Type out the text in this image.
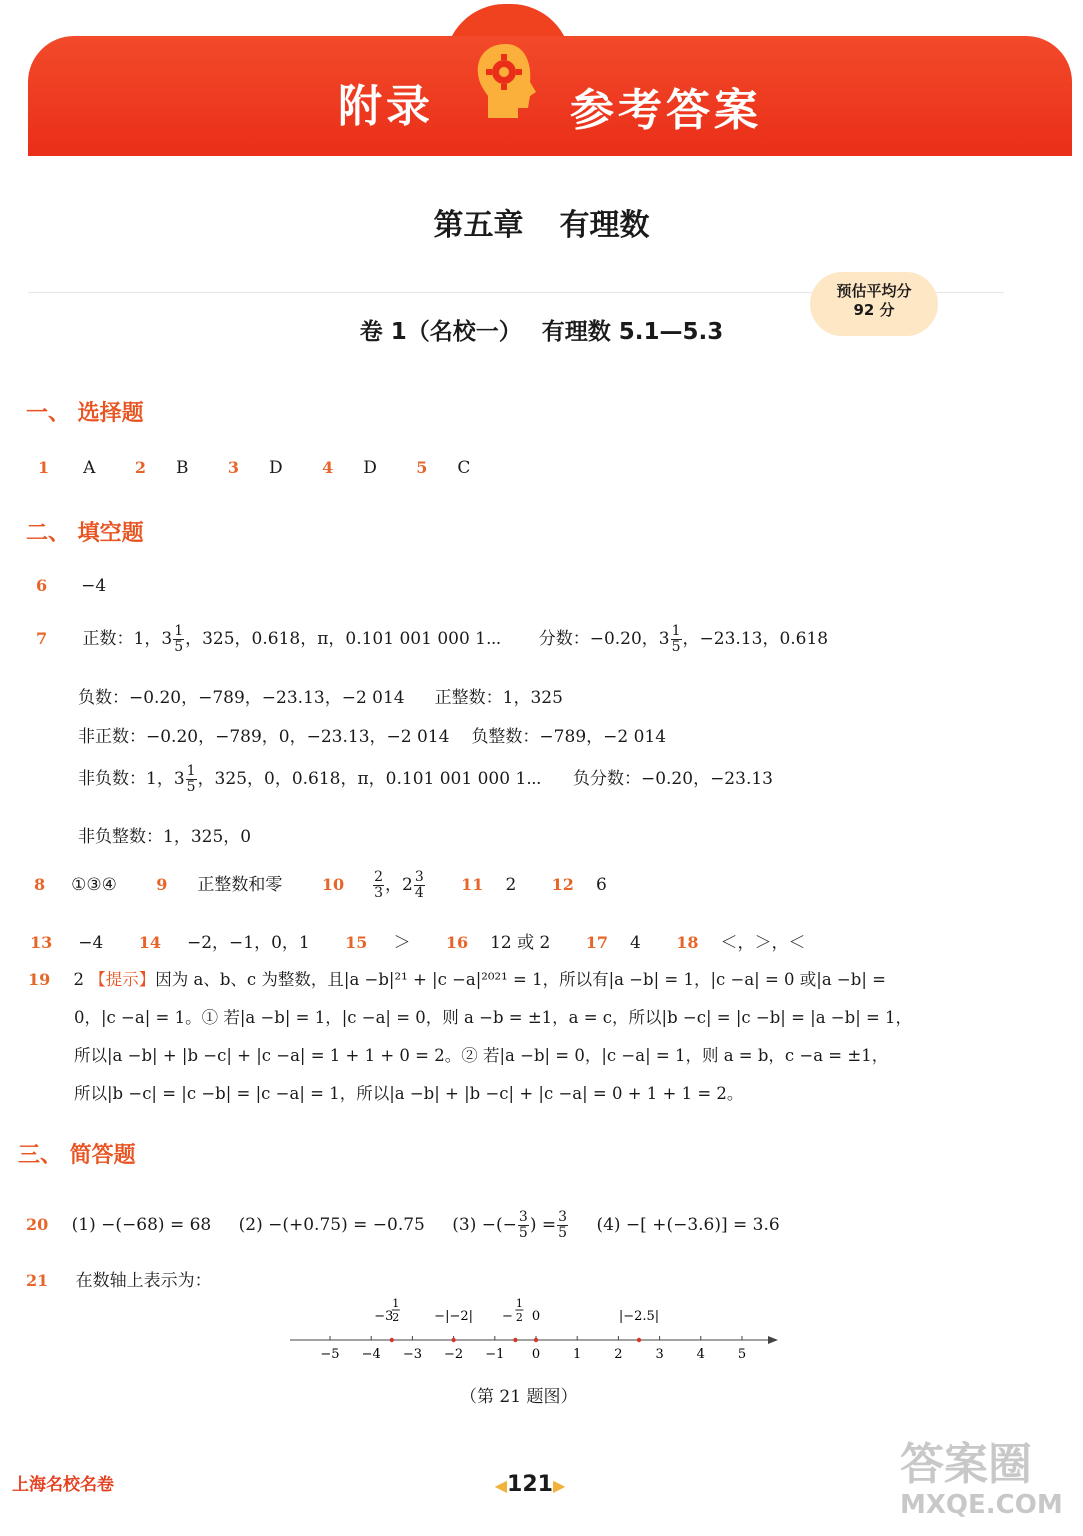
附录	参考答案
第五章 有理数
预估平均分
92 分
卷 1（名校一） 有理数 5.1—5.3
一、 选择题
1 A 2 B 3 D 4 D 5 C
二、 填空题
6 −4
7 正数：1，$3 \frac{1}{5}$ ，325，0.618，π，0.101 001 000 1⋯ 分数：−0.20，$3 \frac{1}{5}$ ，−23.13，0.618
负数：−0.20，−789，−23.13，−2 014 正整数：1，325
非正数：−0.20，−789，0，−23.13，−2 014 负整数：−789，−2 014
非负数：1，$3 \frac{1}{5}$ ，325，0，0.618，π，0.101 001 000 1⋯ 负分数：−0.20，−23.13
非负整数：1，325，0
8 ①③④ 9 正整数和零 $10 \frac{2}{3}$ ，$2 \frac{3}{4} 11$ 2 12 6
13 −4 14 −2，−1，0，1 15 ＞ 16 12 或 2 17 4 18 ＜，＞，＜
19 2 【提示】因为 a、b、c 为整数，且|a −b|²¹ + |c −a|²⁰²¹ = 1，所以有|a −b| = 1，|c −a| = 0 或|a −b| =
0，|c −a| = 1。① 若|a −b| = 1，|c −a| = 0，则 a −b = ±1，a = c，所以|b −c| = |c −b| = |a −b| = 1，
所以|a −b| + |b −c| + |c −a| = 1 + 1 + 0 = 2。② 若|a −b| = 0，|c −a| = 1，则 a = b，c −a = ±1，
所以|b −c| = |c −b| = |c −a| = 1，所以|a −b| + |b −c| + |c −a| = 0 + 1 + 1 = 2。
三、 简答题
20 (1) −(−68) = 68 (2) −(+0.75) = −0.75 (3) −(− $\frac{3}{5}$ ) = $\frac{3}{5} (4)$ −[ +(−3.6)] = 3.6
21 在数轴上表示为：
−5 −4 −3 −2 −1 0	1	2	3	4	5
−3
1
2	−|−2| −
1
2 0	|−2.5|
（第 21 题图）
上海名校名卷	◀121▶	答案圈
MXQE.COM
